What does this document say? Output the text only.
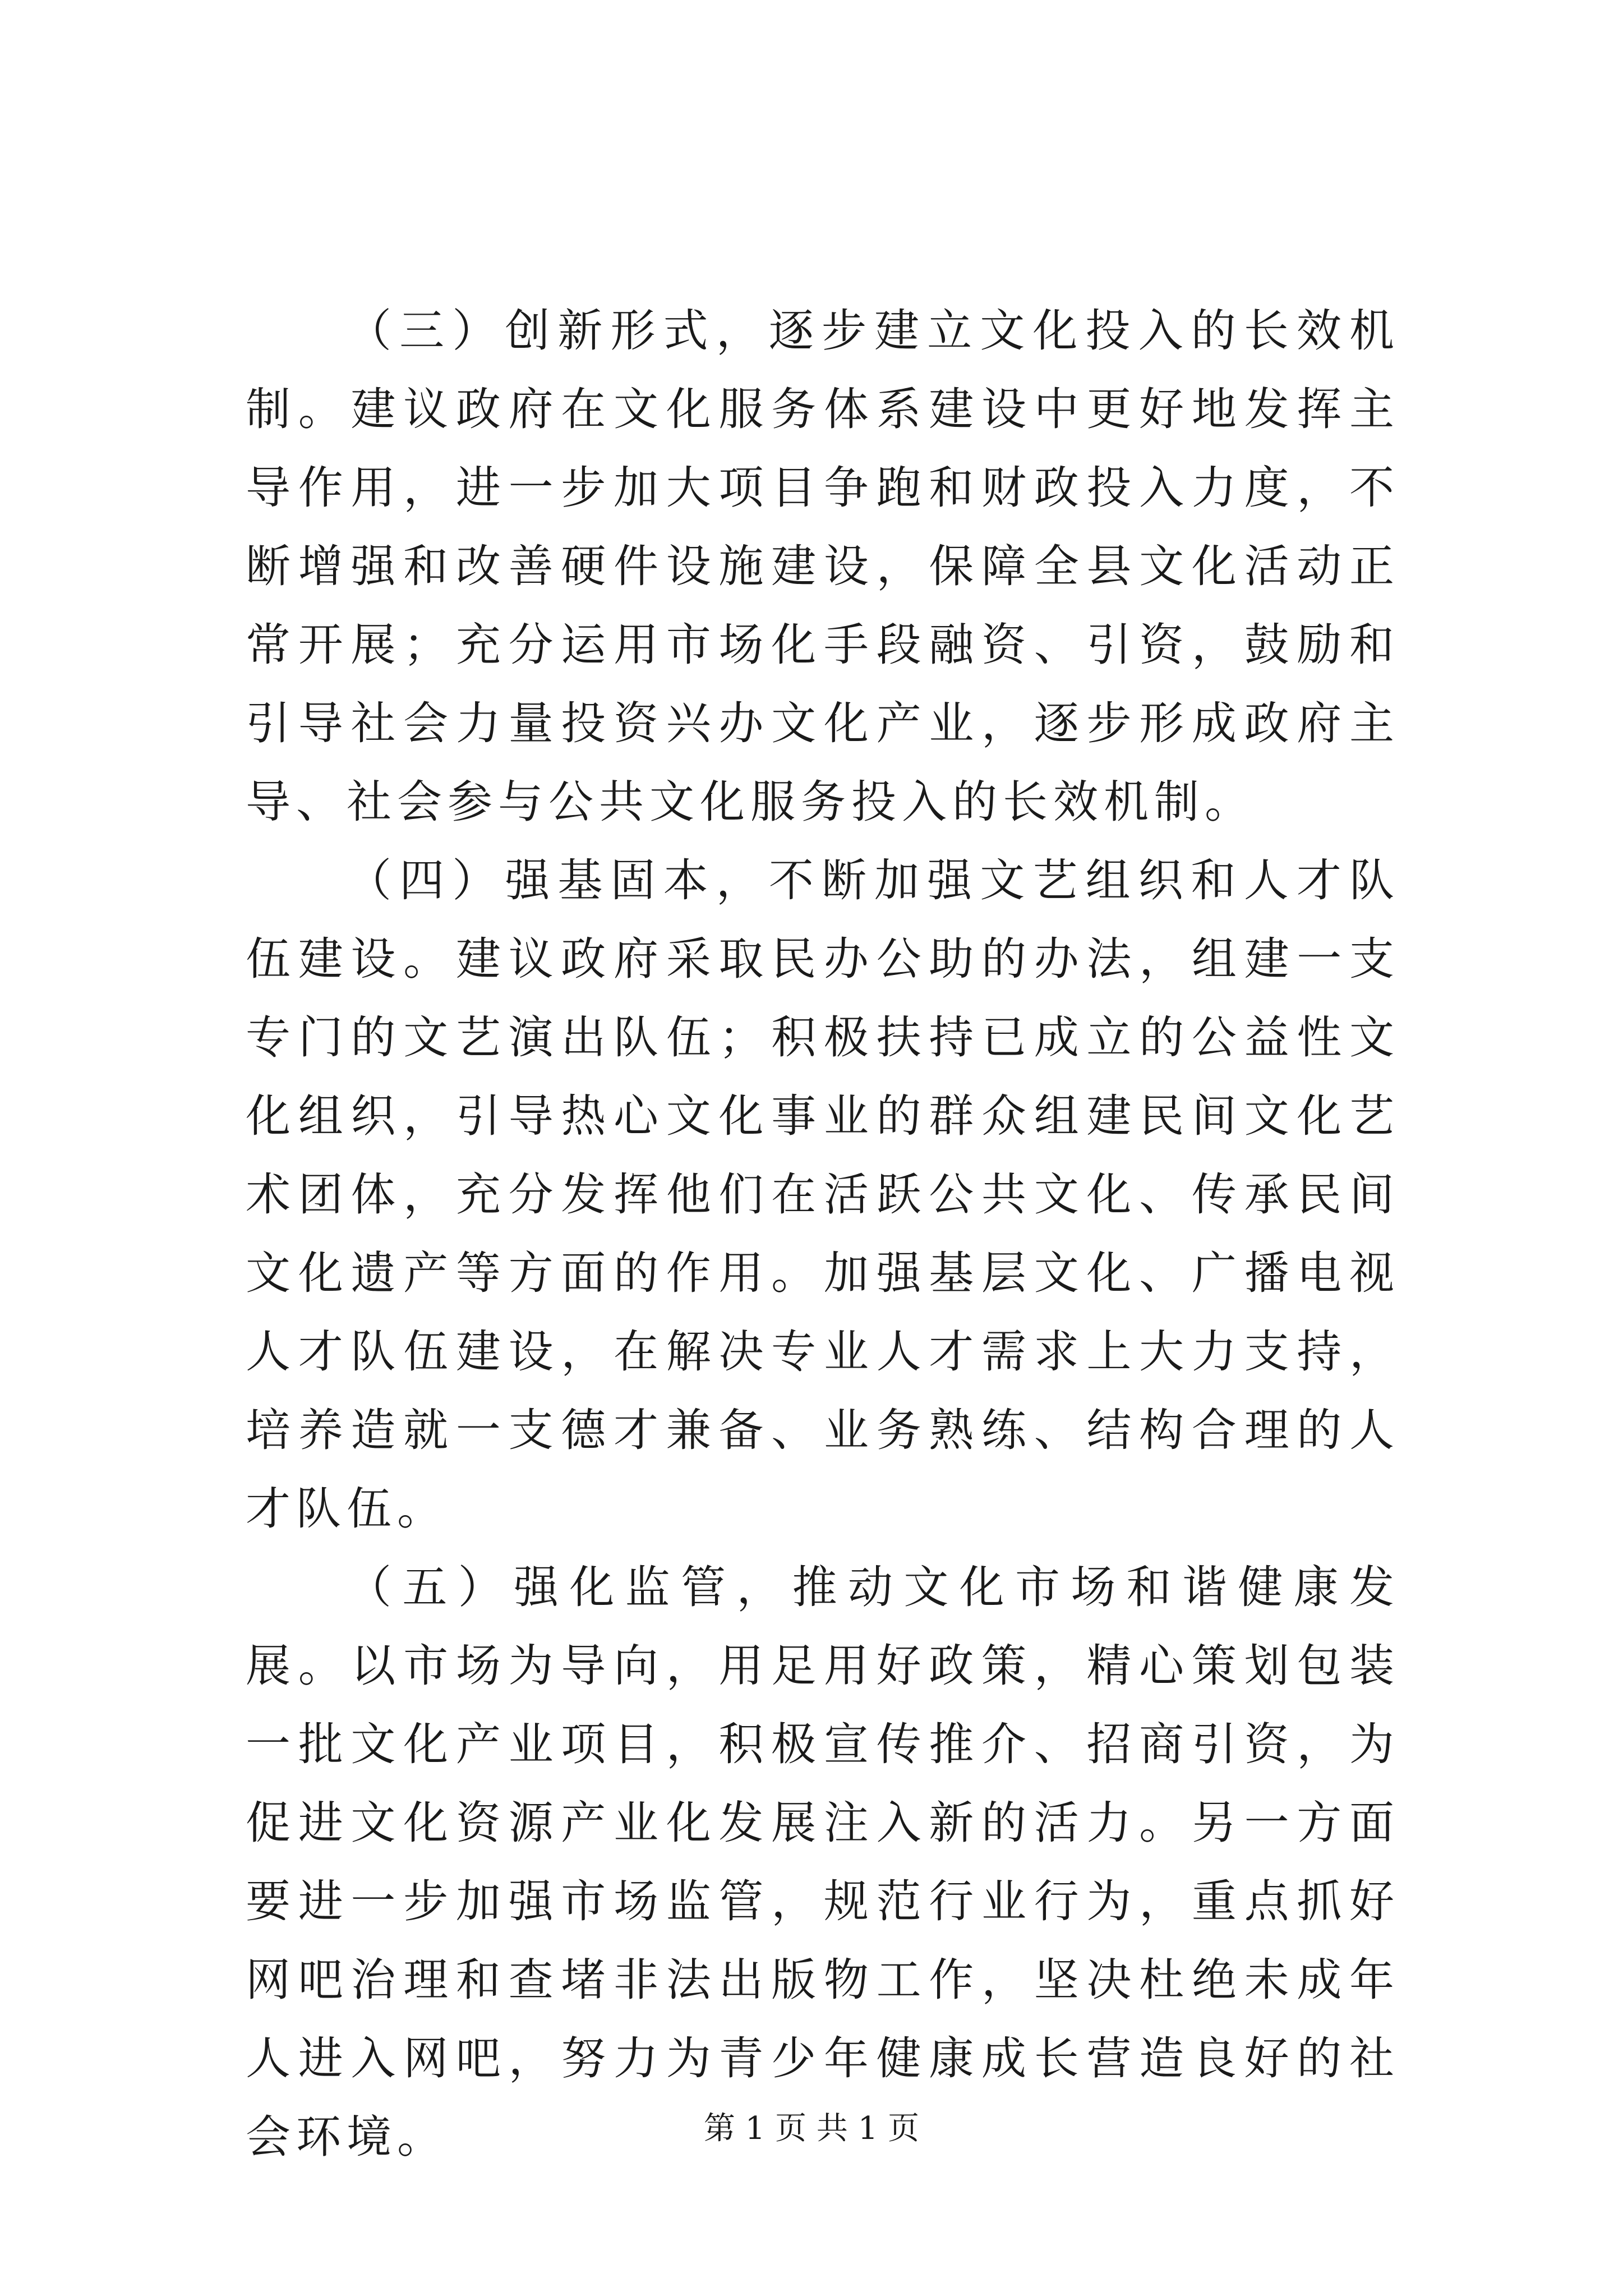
（三）创新形式，逐步建立文化投入的长效机制。建议政府在文化服务体系建设中更好地发挥主导作用，进一步加大项目争跑和财政投入力度，不断增强和改善硬件设施建设，保障全县文化活动正常开展；充分运用市场化手段融资、引资，鼓励和引导社会力量投资兴办文化产业，逐步形成政府主导、社会参与公共文化服务投入的长效机制。

（四）强基固本，不断加强文艺组织和人才队伍建设。建议政府采取民办公助的办法，组建一支专门的文艺演出队伍；积极扶持已成立的公益性文化组织，引导热心文化事业的群众组建民间文化艺术团体，充分发挥他们在活跃公共文化、传承民间文化遗产等方面的作用。加强基层文化、广播电视人才队伍建设，在解决专业人才需求上大力支持，培养造就一支德才兼备、业务熟练、结构合理的人才队伍。

（五）强化监管，推动文化市场和谐健康发展。以市场为导向，用足用好政策，精心策划包装一批文化产业项目，积极宣传推介、招商引资，为促进文化资源产业化发展注入新的活力。另一方面要进一步加强市场监管，规范行业行为，重点抓好网吧治理和查堵非法出版物工作，坚决杜绝未成年人进入网吧，努力为青少年健康成长营造良好的社会环境。	第 1 页 共 1 页
